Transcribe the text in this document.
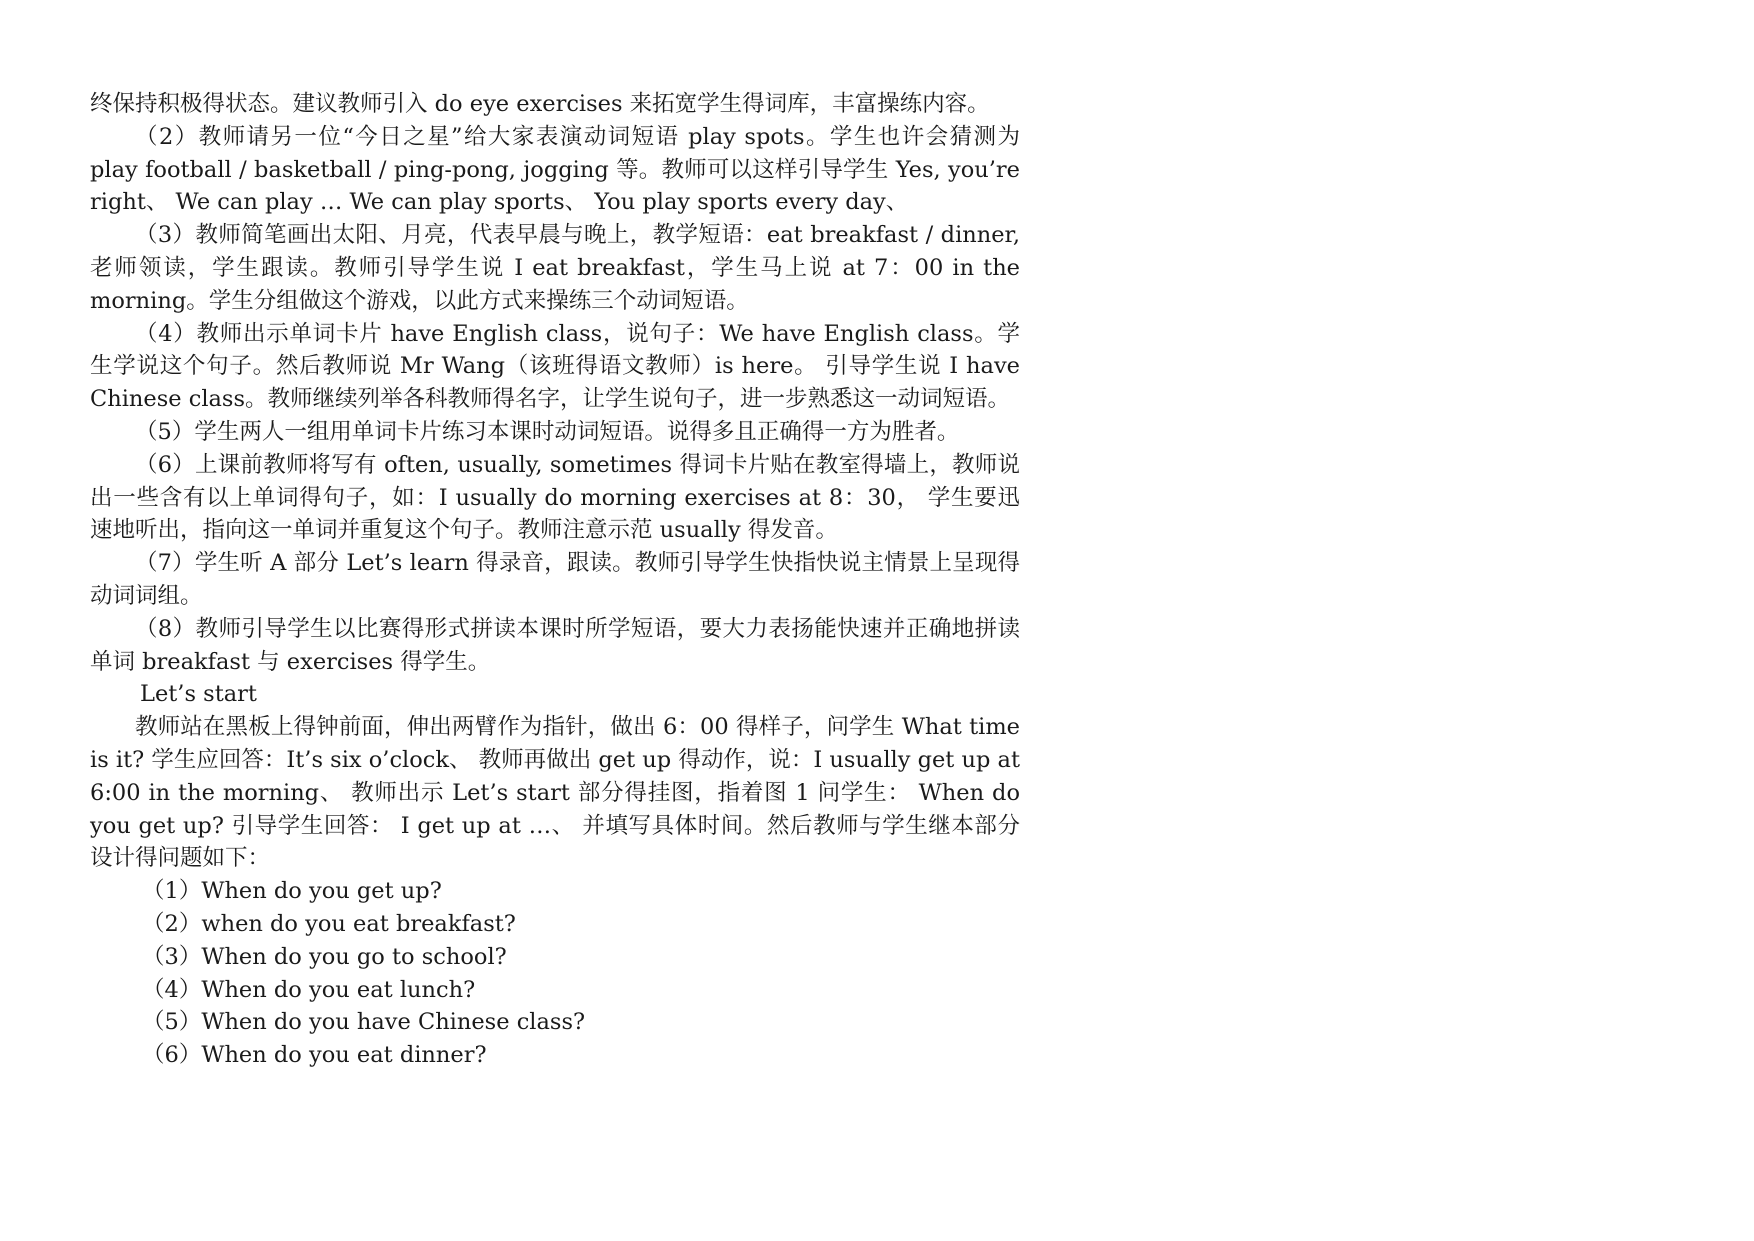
终保持积极得状态。建议教师引入 do eye exercises 来拓宽学生得词库，丰富操练内容。

（2）教师请另一位“今日之星”给大家表演动词短语 play spots。学生也许会猜测为 play football / basketball / ping-pong, jogging 等。教师可以这样引导学生 Yes, you’re right、 We can play … We can play sports、 You play sports every day、

（3）教师简笔画出太阳、月亮，代表早晨与晚上，教学短语：eat breakfast / dinner, 老师领读，学生跟读。教师引导学生说 I eat breakfast，学生马上说 at 7：00 in the morning。学生分组做这个游戏，以此方式来操练三个动词短语。

（4）教师出示单词卡片 have English class，说句子：We have English class。学生学说这个句子。然后教师说 Mr Wang（该班得语文教师）is here。 引导学生说 I have Chinese class。教师继续列举各科教师得名字，让学生说句子，进一步熟悉这一动词短语。

（5）学生两人一组用单词卡片练习本课时动词短语。说得多且正确得一方为胜者。

（6）上课前教师将写有 often, usually, sometimes 得词卡片贴在教室得墙上，教师说出一些含有以上单词得句子，如：I usually do morning exercises at 8：30， 学生要迅速地听出，指向这一单词并重复这个句子。教师注意示范 usually 得发音。

（7）学生听 A 部分 Let’s learn 得录音，跟读。教师引导学生快指快说主情景上呈现得动词词组。

（8）教师引导学生以比赛得形式拼读本课时所学短语，要大力表扬能快速并正确地拼读单词 breakfast 与 exercises 得学生。

Let’s start

教师站在黑板上得钟前面，伸出两臂作为指针，做出 6：00 得样子，问学生 What time is it? 学生应回答：It’s six o’clock、 教师再做出 get up 得动作，说：I usually get up at 6:00 in the morning、 教师出示 Let’s start 部分得挂图，指着图 1 问学生： When do you get up? 引导学生回答： I get up at …、 并填写具体时间。然后教师与学生继本部分设计得问题如下：

（1）When do you get up?
（2）when do you eat breakfast?
（3）When do you go to school?
（4）When do you eat lunch?
（5）When do you have Chinese class?
（6）When do you eat dinner?
